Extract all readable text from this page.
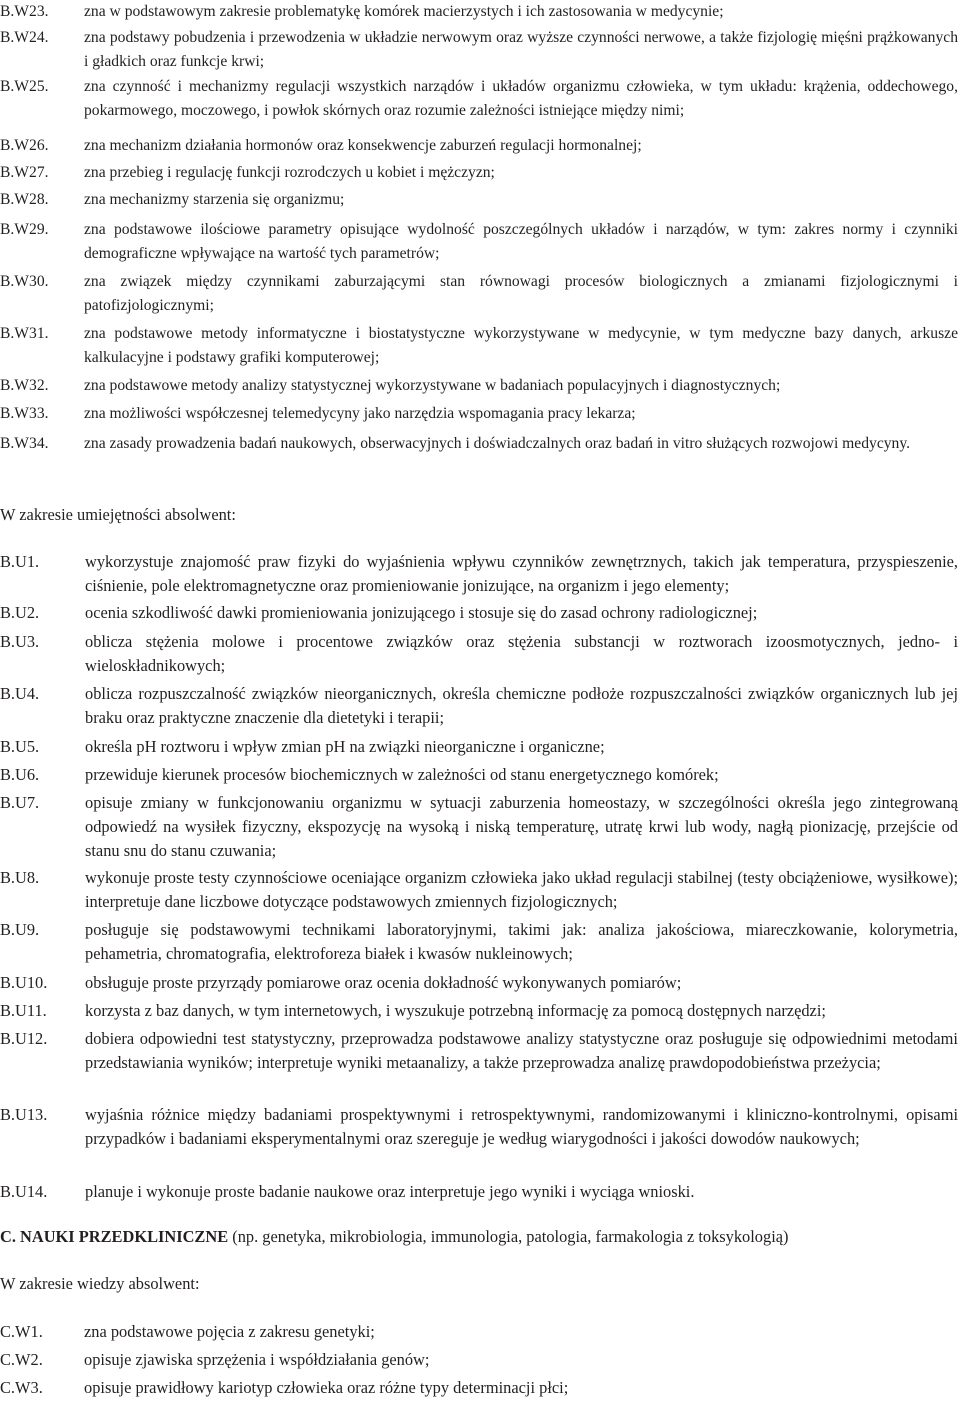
B.W23. zna w podstawowym zakresie problematykę komórek macierzystych i ich zastosowania w medycynie;
B.W24. zna podstawy pobudzenia i przewodzenia w układzie nerwowym oraz wyższe czynności nerwowe, a także fizjologię mięśni prążkowanych i gładkich oraz funkcje krwi;
B.W25. zna czynność i mechanizmy regulacji wszystkich narządów i układów organizmu człowieka, w tym układu: krążenia, oddechowego, pokarmowego, moczowego, i powłok skórnych oraz rozumie zależności istniejące między nimi;
B.W26. zna mechanizm działania hormonów oraz konsekwencje zaburzeń regulacji hormonalnej;
B.W27. zna przebieg i regulację funkcji rozrodczych u kobiet i mężczyzn;
B.W28. zna mechanizmy starzenia się organizmu;
B.W29. zna podstawowe ilościowe parametry opisujące wydolność poszczególnych układów i narządów, w tym: zakres normy i czynniki demograficzne wpływające na wartość tych parametrów;
B.W30. zna związek między czynnikami zaburzającymi stan równowagi procesów biologicznych a zmianami fizjologicznymi i patofizjologicznymi;
B.W31. zna podstawowe metody informatyczne i biostatystyczne wykorzystywane w medycynie, w tym medyczne bazy danych, arkusze kalkulacyjne i podstawy grafiki komputerowej;
B.W32. zna podstawowe metody analizy statystycznej wykorzystywane w badaniach populacyjnych i diagnostycznych;
B.W33. zna możliwości współczesnej telemedycyny jako narzędzia wspomagania pracy lekarza;
B.W34. zna zasady prowadzenia badań naukowych, obserwacyjnych i doświadczalnych oraz badań in vitro służących rozwojowi medycyny.
W zakresie umiejętności absolwent:
B.U1.	wykorzystuje znajomość praw fizyki do wyjaśnienia wpływu czynników zewnętrznych, takich jak temperatura, przyspieszenie, ciśnienie, pole elektromagnetyczne oraz promieniowanie jonizujące, na organizm i jego elementy;
B.U2.	ocenia szkodliwość dawki promieniowania jonizującego i stosuje się do zasad ochrony radiologicznej;
B.U3.	oblicza stężenia molowe i procentowe związków oraz stężenia substancji w roztworach izoosmotycznych, jedno- i wieloskładnikowych;
B.U4.	oblicza rozpuszczalność związków nieorganicznych, określa chemiczne podłoże rozpuszczalności związków organicznych lub jej braku oraz praktyczne znaczenie dla dietetyki i terapii;
B.U5.	określa pH roztworu i wpływ zmian pH na związki nieorganiczne i organiczne;
B.U6.	przewiduje kierunek procesów biochemicznych w zależności od stanu energetycznego komórek;
B.U7.	opisuje zmiany w funkcjonowaniu organizmu w sytuacji zaburzenia homeostazy, w szczególności określa jego zintegrowaną odpowiedź na wysiłek fizyczny, ekspozycję na wysoką i niską temperaturę, utratę krwi lub wody, nagłą pionizację, przejście od stanu snu do stanu czuwania;
B.U8.	wykonuje proste testy czynnościowe oceniające organizm człowieka jako układ regulacji stabilnej (testy obciążeniowe, wysiłkowe); interpretuje dane liczbowe dotyczące podstawowych zmiennych fizjologicznych;
B.U9.	posługuje się podstawowymi technikami laboratoryjnymi, takimi jak: analiza jakościowa, miareczkowanie, kolorymetria, pehametria, chromatografia, elektroforeza białek i kwasów nukleinowych;
B.U10. obsługuje proste przyrządy pomiarowe oraz ocenia dokładność wykonywanych pomiarów;
B.U11. korzysta z baz danych, w tym internetowych, i wyszukuje potrzebną informację za pomocą dostępnych narzędzi;
B.U12. dobiera odpowiedni test statystyczny, przeprowadza podstawowe analizy statystyczne oraz posługuje się odpowiednimi metodami przedstawiania wyników; interpretuje wyniki metaanalizy, a także przeprowadza analizę prawdopodobieństwa przeżycia;
B.U13. wyjaśnia różnice między badaniami prospektywnymi i retrospektywnymi, randomizowanymi i kliniczno-kontrolnymi, opisami przypadków i badaniami eksperymentalnymi oraz szereguje je według wiarygodności i jakości dowodów naukowych;
B.U14. planuje i wykonuje proste badanie naukowe oraz interpretuje jego wyniki i wyciąga wnioski.
C. NAUKI PRZEDKLINICZNE (np. genetyka, mikrobiologia, immunologia, patologia, farmakologia z toksykologią)
W zakresie wiedzy absolwent:
C.W1.	zna podstawowe pojęcia z zakresu genetyki;
C.W2.	opisuje zjawiska sprzężenia i współdziałania genów;
C.W3.	opisuje prawidłowy kariotyp człowieka oraz różne typy determinacji płci;
